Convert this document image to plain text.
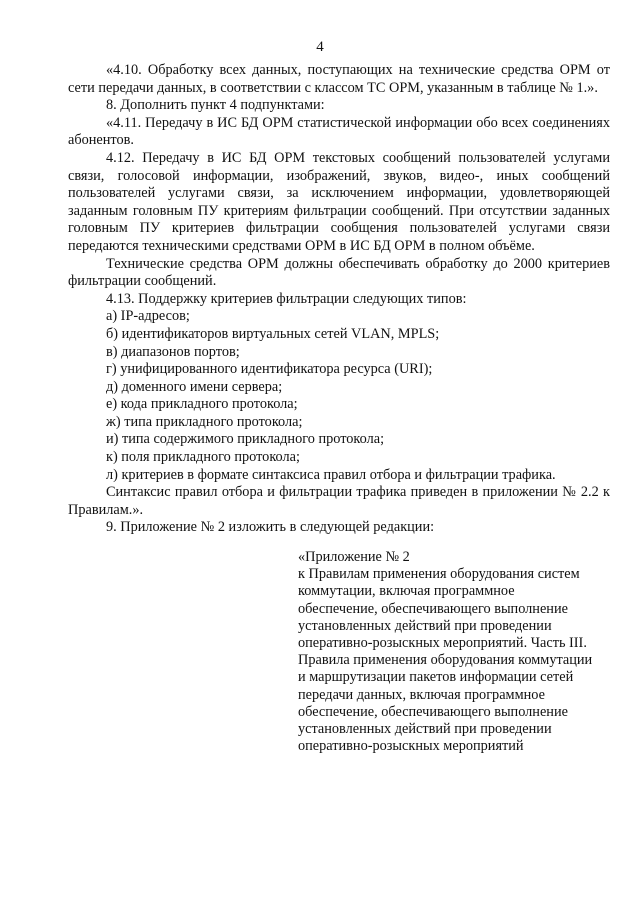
4

«4.10. Обработку всех данных, поступающих на технические средства ОРМ от сети передачи данных, в соответствии с классом ТС ОРМ, указанным в таблице № 1.».

8. Дополнить пункт 4 подпунктами:

«4.11. Передачу в ИС БД ОРМ статистической информации обо всех соединениях абонентов.

4.12. Передачу в ИС БД ОРМ текстовых сообщений пользователей услугами связи, голосовой информации, изображений, звуков, видео-, иных сообщений пользователей услугами связи, за исключением информации, удовлетворяющей заданным головным ПУ критериям фильтрации сообщений. При отсутствии заданных головным ПУ критериев фильтрации сообщения пользователей услугами связи передаются техническими средствами ОРМ в ИС БД ОРМ в полном объёме.

Технические средства ОРМ должны обеспечивать обработку до 2000 критериев фильтрации сообщений.

4.13. Поддержку критериев фильтрации следующих типов:

а) IP-адресов;

б) идентификаторов виртуальных сетей VLAN, MPLS;

в) диапазонов портов;

г) унифицированного идентификатора ресурса (URI);

д) доменного имени сервера;

е) кода прикладного протокола;

ж) типа прикладного протокола;

и) типа содержимого прикладного протокола;

к) поля прикладного протокола;

л) критериев в формате синтаксиса правил отбора и фильтрации трафика.

Синтаксис правил отбора и фильтрации трафика приведен в приложении № 2.2 к Правилам.».

9. Приложение № 2 изложить в следующей редакции:

«Приложение № 2

к Правилам применения оборудования систем

коммутации, включая программное

обеспечение, обеспечивающего выполнение

установленных действий при проведении

оперативно-розыскных мероприятий. Часть III.

Правила применения оборудования коммутации

и маршрутизации пакетов информации сетей

передачи данных, включая программное

обеспечение, обеспечивающего выполнение

установленных действий при проведении

оперативно-розыскных мероприятий
